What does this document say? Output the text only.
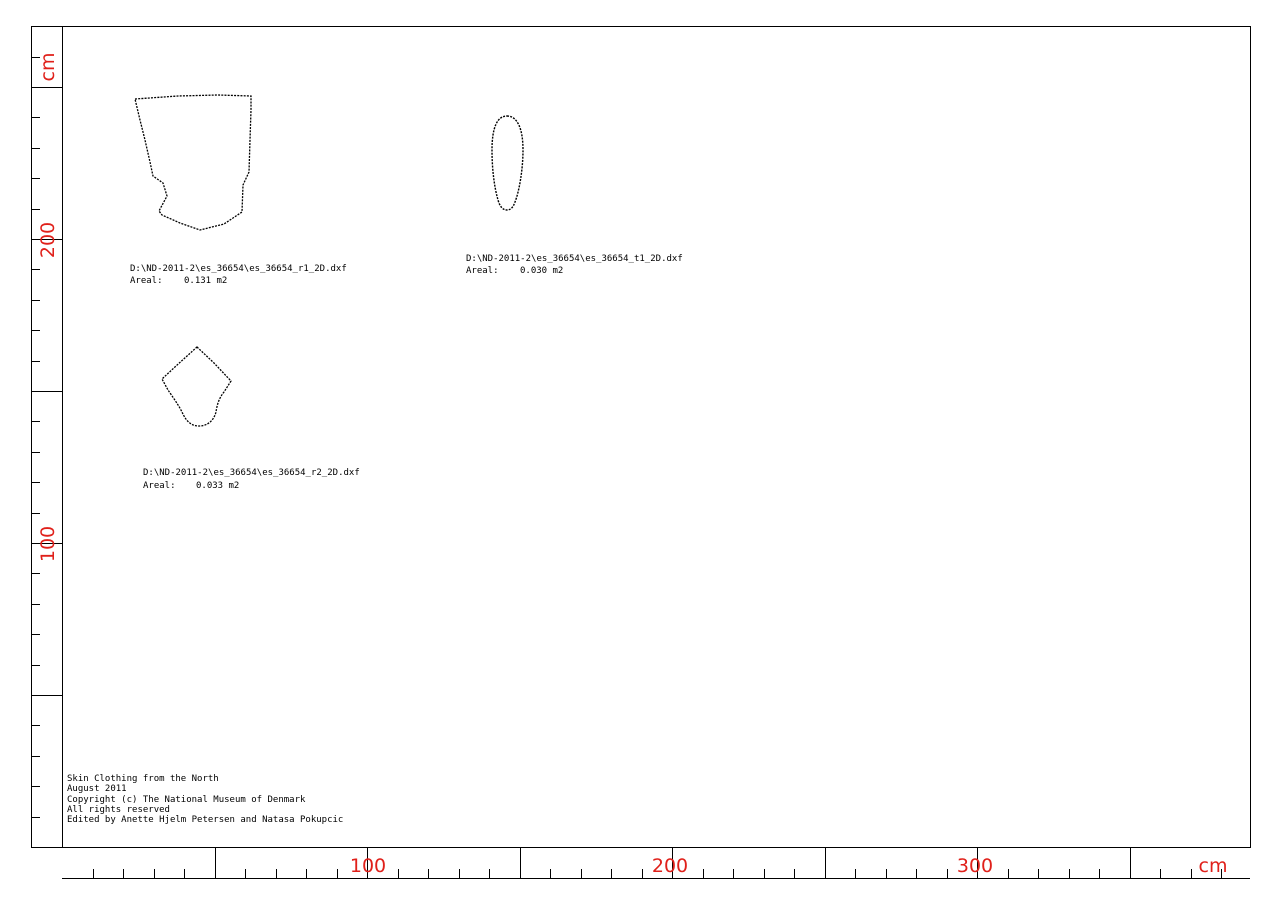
cm
200
100
100	200	300	cm
D:\ND-2011-2\es_36654\es_36654_r1_2D.dxf
Areal: 0.131 m2
D:\ND-2011-2\es_36654\es_36654_t1_2D.dxf
Areal: 0.030 m2
D:\ND-2011-2\es_36654\es_36654_r2_2D.dxf
Areal: 0.033 m2
Skin Clothing from the North
August 2011
Copyright (c) The National Museum of Denmark
All rights reserved
Edited by Anette Hjelm Petersen and Natasa Pokupcic
